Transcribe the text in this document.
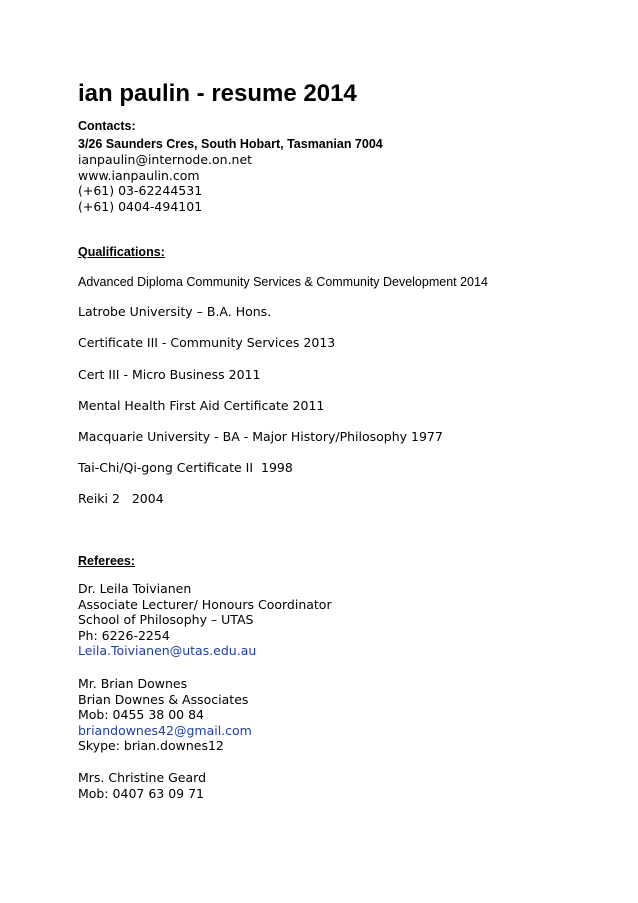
ian paulin - resume 2014
Contacts:
3/26 Saunders Cres, South Hobart, Tasmanian 7004
ianpaulin@internode.on.net
www.ianpaulin.com
(+61) 03-62244531
(+61) 0404-494101
Qualifications:
Advanced Diploma Community Services & Community Development 2014
Latrobe University – B.A. Hons.
Certificate III - Community Services 2013
Cert III - Micro Business 2011
Mental Health First Aid Certificate 2011
Macquarie University - BA - Major History/Philosophy 1977
Tai-Chi/Qi-gong Certificate II  1998
Reiki 2   2004
Referees:
Dr. Leila Toivianen
Associate Lecturer/ Honours Coordinator
School of Philosophy – UTAS
Ph: 6226-2254
Leila.Toivianen@utas.edu.au
Mr. Brian Downes
Brian Downes & Associates
Mob: 0455 38 00 84
briandownes42@gmail.com
Skype: brian.downes12
Mrs. Christine Geard
Mob: 0407 63 09 71
